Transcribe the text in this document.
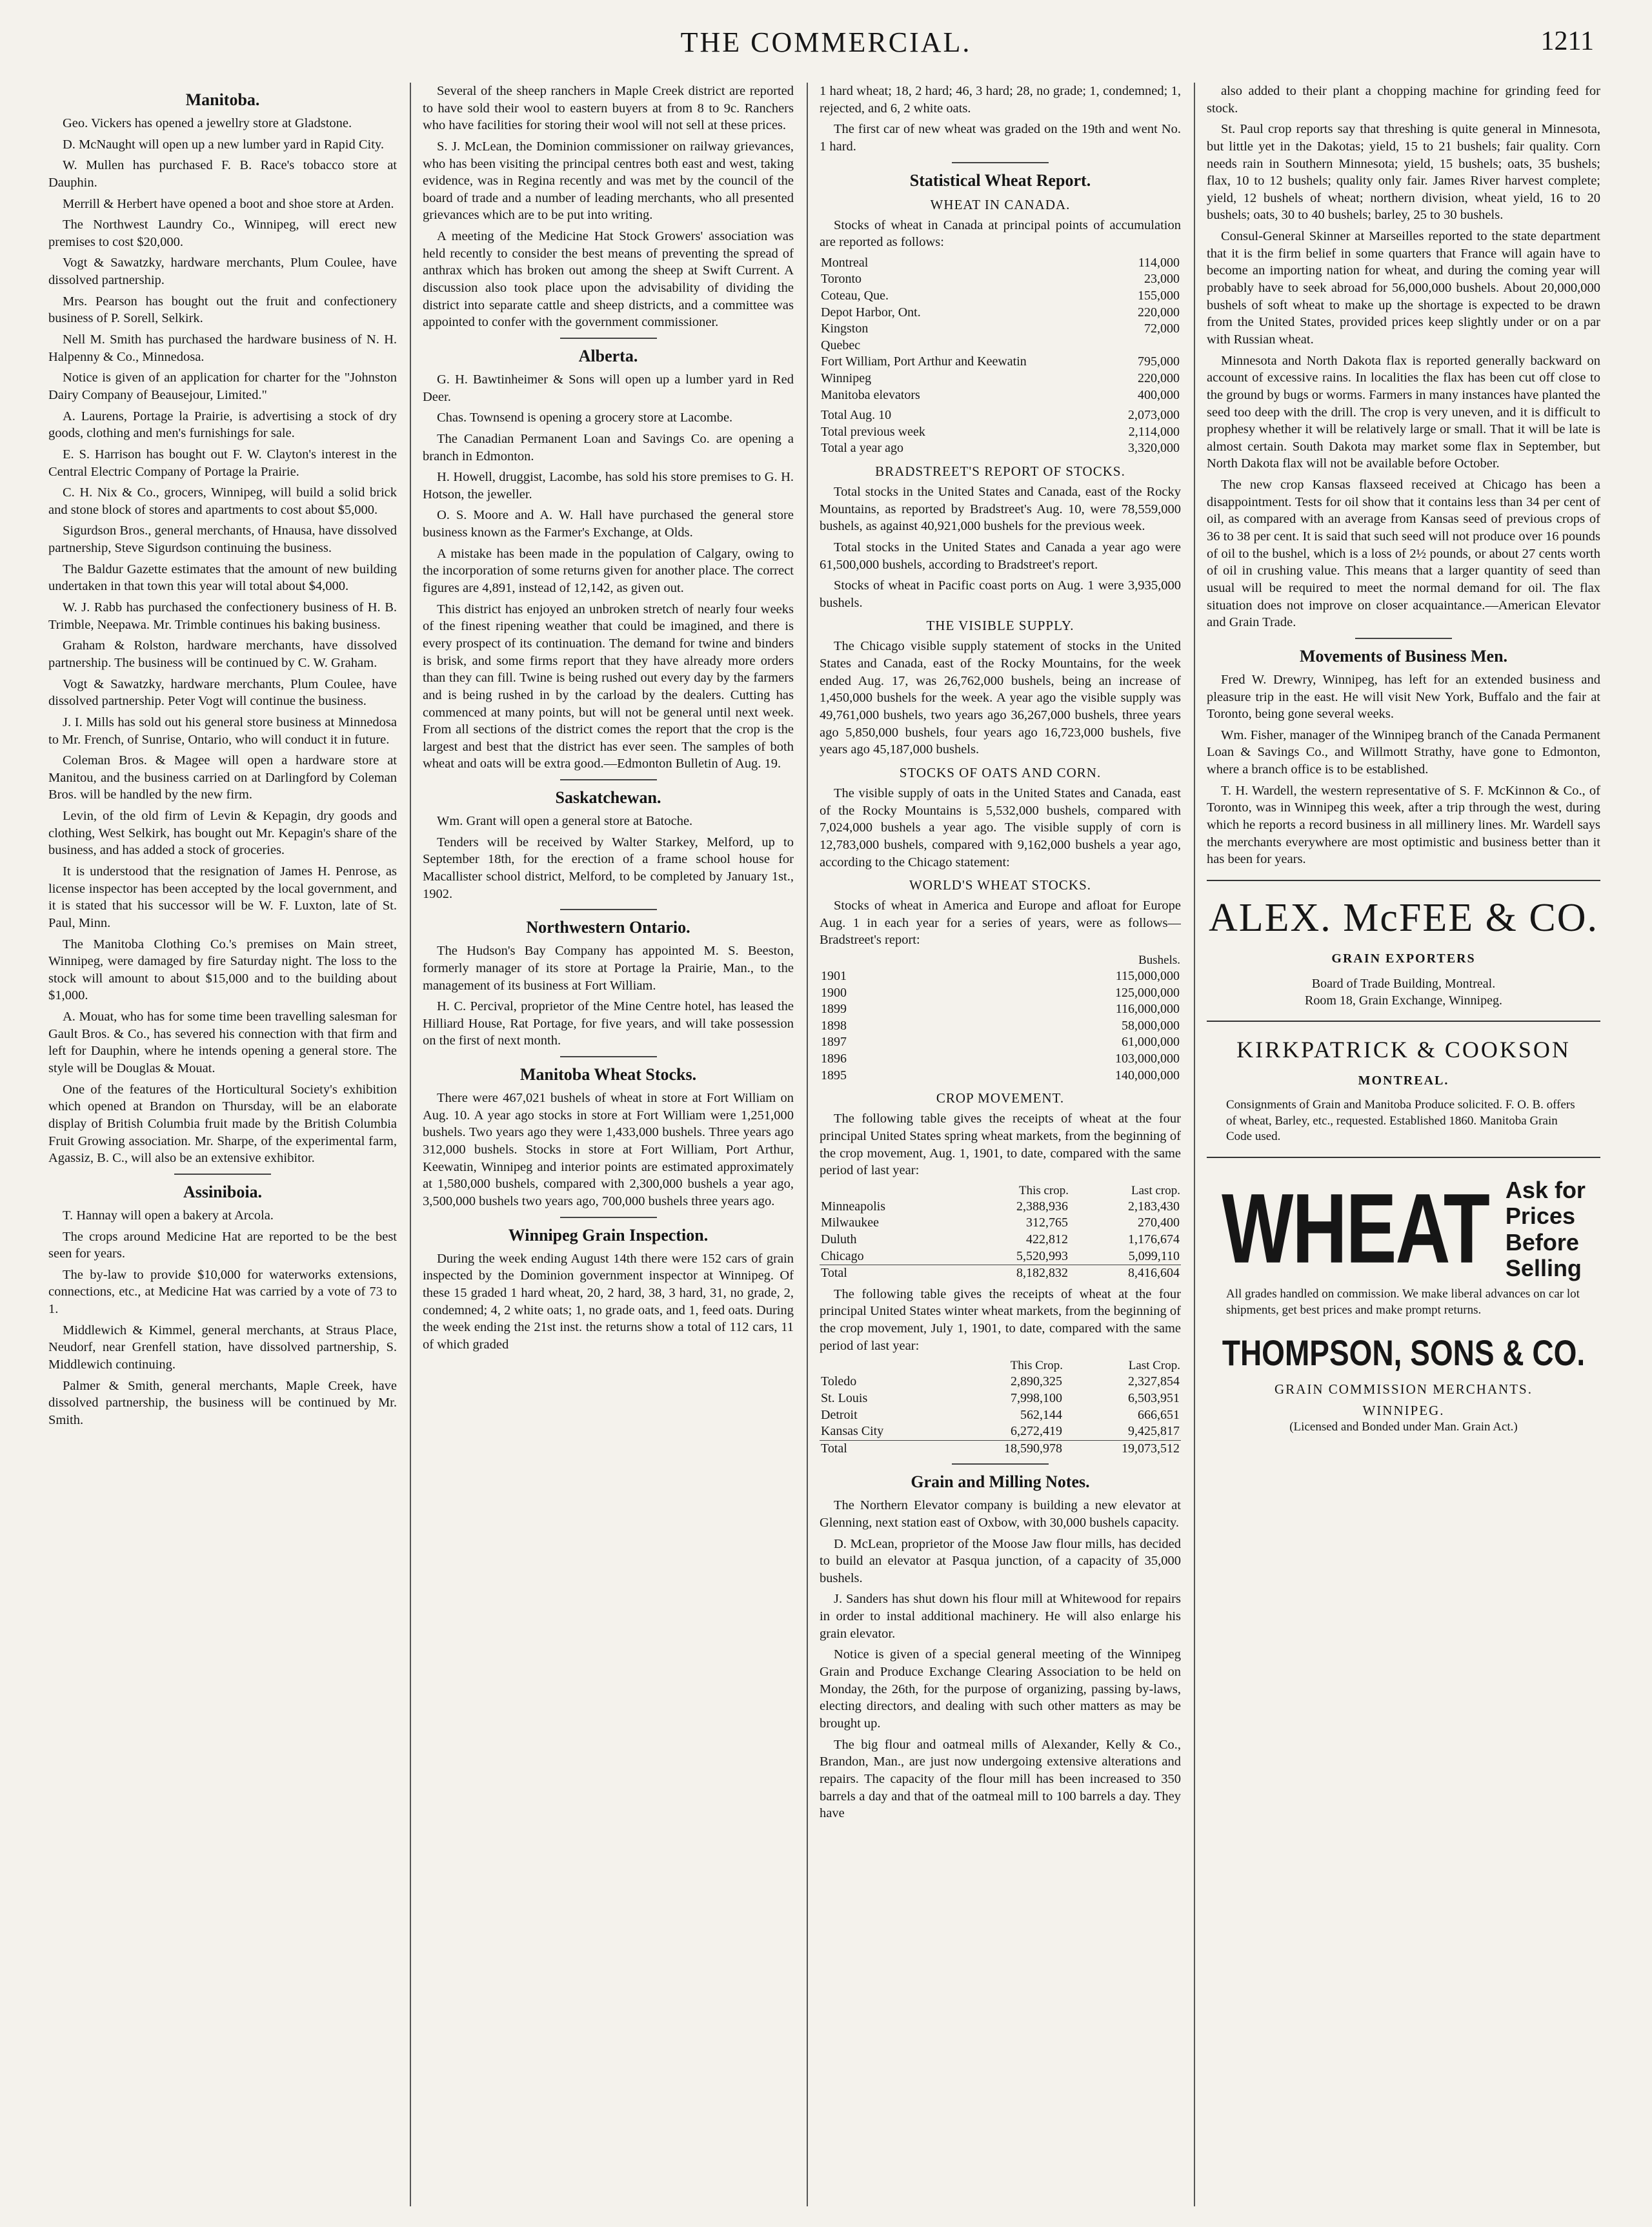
THE COMMERCIAL.	1211
Manitoba.

Geo. Vickers has opened a jewellry store at Gladstone.

D. McNaught will open up a new lumber yard in Rapid City.

W. Mullen has purchased F. B. Race's tobacco store at Dauphin.

Merrill & Herbert have opened a boot and shoe store at Arden.

The Northwest Laundry Co., Winnipeg, will erect new premises to cost $20,000.

Vogt & Sawatzky, hardware merchants, Plum Coulee, have dissolved partnership.

Mrs. Pearson has bought out the fruit and confectionery business of P. Sorell, Selkirk.

Nell M. Smith has purchased the hardware business of N. H. Halpenny & Co., Minnedosa.

Notice is given of an application for charter for the "Johnston Dairy Company of Beausejour, Limited."

A. Laurens, Portage la Prairie, is advertising a stock of dry goods, clothing and men's furnishings for sale.

E. S. Harrison has bought out F. W. Clayton's interest in the Central Electric Company of Portage la Prairie.

C. H. Nix & Co., grocers, Winnipeg, will build a solid brick and stone block of stores and apartments to cost about $5,000.

Sigurdson Bros., general merchants, of Hnausa, have dissolved partnership, Steve Sigurdson continuing the business.

The Baldur Gazette estimates that the amount of new building undertaken in that town this year will total about $4,000.

W. J. Rabb has purchased the confectionery business of H. B. Trimble, Neepawa. Mr. Trimble continues his baking business.

Graham & Rolston, hardware merchants, have dissolved partnership. The business will be continued by C. W. Graham.

Vogt & Sawatzky, hardware merchants, Plum Coulee, have dissolved partnership. Peter Vogt will continue the business.

J. I. Mills has sold out his general store business at Minnedosa to Mr. French, of Sunrise, Ontario, who will conduct it in future.

Coleman Bros. & Magee will open a hardware store at Manitou, and the business carried on at Darlingford by Coleman Bros. will be handled by the new firm.

Levin, of the old firm of Levin & Kepagin, dry goods and clothing, West Selkirk, has bought out Mr. Kepagin's share of the business, and has added a stock of groceries.

It is understood that the resignation of James H. Penrose, as license inspector has been accepted by the local government, and it is stated that his successor will be W. F. Luxton, late of St. Paul, Minn.

The Manitoba Clothing Co.'s premises on Main street, Winnipeg, were damaged by fire Saturday night. The loss to the stock will amount to about $15,000 and to the building about $1,000.

A. Mouat, who has for some time been travelling salesman for Gault Bros. & Co., has severed his connection with that firm and left for Dauphin, where he intends opening a general store. The style will be Douglas & Mouat.

One of the features of the Horticultural Society's exhibition which opened at Brandon on Thursday, will be an elaborate display of British Columbia fruit made by the British Columbia Fruit Growing association. Mr. Sharpe, of the experimental farm, Agassiz, B. C., will also be an extensive exhibitor.

Assiniboia.

T. Hannay will open a bakery at Arcola.

The crops around Medicine Hat are reported to be the best seen for years.

The by-law to provide $10,000 for waterworks extensions, connections, etc., at Medicine Hat was carried by a vote of 73 to 1.

Middlewich & Kimmel, general merchants, at Straus Place, Neudorf, near Grenfell station, have dissolved partnership, S. Middlewich continuing.

Palmer & Smith, general merchants, Maple Creek, have dissolved partnership, the business will be continued by Mr. Smith.

Several of the sheep ranchers in Maple Creek district are reported to have sold their wool to eastern buyers at from 8 to 9c. Ranchers who have facilities for storing their wool will not sell at these prices.

S. J. McLean, the Dominion commissioner on railway grievances, who has been visiting the principal centres both east and west, taking evidence, was in Regina recently and was met by the council of the board of trade and a number of leading merchants, who all presented grievances which are to be put into writing.

A meeting of the Medicine Hat Stock Growers' association was held recently to consider the best means of preventing the spread of anthrax which has broken out among the sheep at Swift Current. A discussion also took place upon the advisability of dividing the district into separate cattle and sheep districts, and a committee was appointed to confer with the government commissioner.

Alberta.

G. H. Bawtinheimer & Sons will open up a lumber yard in Red Deer.

Chas. Townsend is opening a grocery store at Lacombe.

The Canadian Permanent Loan and Savings Co. are opening a branch in Edmonton.

H. Howell, druggist, Lacombe, has sold his store premises to G. H. Hotson, the jeweller.

O. S. Moore and A. W. Hall have purchased the general store business known as the Farmer's Exchange, at Olds.

A mistake has been made in the population of Calgary, owing to the incorporation of some returns given for another place. The correct figures are 4,891, instead of 12,142, as given out.

This district has enjoyed an unbroken stretch of nearly four weeks of the finest ripening weather that could be imagined, and there is every prospect of its continuation. The demand for twine and binders is brisk, and some firms report that they have already more orders than they can fill. Twine is being rushed out every day by the farmers and is being rushed in by the carload by the dealers. Cutting has commenced at many points, but will not be general until next week. From all sections of the district comes the report that the crop is the largest and best that the district has ever seen. The samples of both wheat and oats will be extra good.—Edmonton Bulletin of Aug. 19.

Saskatchewan.

Wm. Grant will open a general store at Batoche.

Tenders will be received by Walter Starkey, Melford, up to September 18th, for the erection of a frame school house for Macallister school district, Melford, to be completed by January 1st., 1902.

Northwestern Ontario.

The Hudson's Bay Company has appointed M. S. Beeston, formerly manager of its store at Portage la Prairie, Man., to the management of its business at Fort William.

H. C. Percival, proprietor of the Mine Centre hotel, has leased the Hilliard House, Rat Portage, for five years, and will take possession on the first of next month.

Manitoba Wheat Stocks.

There were 467,021 bushels of wheat in store at Fort William on Aug. 10. A year ago stocks in store at Fort William were 1,251,000 bushels. Two years ago they were 1,433,000 bushels. Three years ago 312,000 bushels. Stocks in store at Fort William, Port Arthur, Keewatin, Winnipeg and interior points are estimated approximately at 1,580,000 bushels, compared with 2,300,000 bushels a year ago, 3,500,000 bushels two years ago, 700,000 bushels three years ago.

Winnipeg Grain Inspection.

During the week ending August 14th there were 152 cars of grain inspected by the Dominion government inspector at Winnipeg. Of these 15 graded 1 hard wheat, 20, 2 hard, 38, 3 hard, 31, no grade, 2, condemned; 4, 2 white oats; 1, no grade oats, and 1, feed oats. During the week ending the 21st inst. the returns show a total of 112 cars, 11 of which graded

1 hard wheat; 18, 2 hard; 46, 3 hard; 28, no grade; 1, condemned; 1, rejected, and 6, 2 white oats.

The first car of new wheat was graded on the 19th and went No. 1 hard.

Statistical Wheat Report.
WHEAT IN CANADA.

Stocks of wheat in Canada at principal points of accumulation are reported as follows:

Montreal	114,000
Toronto	23,000
Coteau, Que.	155,000
Depot Harbor, Ont.	220,000
Kingston	72,000
Quebec	
Fort William, Port Arthur and Keewatin	795,000
Winnipeg	220,000
Manitoba elevators	400,000
Total Aug. 10	2,073,000
Total previous week	2,114,000
Total a year ago	3,320,000
BRADSTREET'S REPORT OF STOCKS.

Total stocks in the United States and Canada, east of the Rocky Mountains, as reported by Bradstreet's Aug. 10, were 78,559,000 bushels, as against 40,921,000 bushels for the previous week.

Total stocks in the United States and Canada a year ago were 61,500,000 bushels, according to Bradstreet's report.

Stocks of wheat in Pacific coast ports on Aug. 1 were 3,935,000 bushels.

THE VISIBLE SUPPLY.

The Chicago visible supply statement of stocks in the United States and Canada, east of the Rocky Mountains, for the week ended Aug. 17, was 26,762,000 bushels, being an increase of 1,450,000 bushels for the week. A year ago the visible supply was 49,761,000 bushels, two years ago 36,267,000 bushels, three years ago 5,850,000 bushels, four years ago 16,723,000 bushels, five years ago 45,187,000 bushels.

STOCKS OF OATS AND CORN.

The visible supply of oats in the United States and Canada, east of the Rocky Mountains is 5,532,000 bushels, compared with 7,024,000 bushels a year ago. The visible supply of corn is 12,783,000 bushels, compared with 9,162,000 bushels a year ago, according to the Chicago statement:

WORLD'S WHEAT STOCKS.

Stocks of wheat in America and Europe and afloat for Europe Aug. 1 in each year for a series of years, were as follows— Bradstreet's report:

	Bushels.
1901	115,000,000
1900	125,000,000
1899	116,000,000
1898	58,000,000
1897	61,000,000
1896	103,000,000
1895	140,000,000
CROP MOVEMENT.

The following table gives the receipts of wheat at the four principal United States spring wheat markets, from the beginning of the crop movement, Aug. 1, 1901, to date, compared with the same period of last year:

	This crop.	Last crop.
Minneapolis	2,388,936	2,183,430
Milwaukee	312,765	270,400
Duluth	422,812	1,176,674
Chicago	5,520,993	5,099,110
Total	8,182,832	8,416,604

The following table gives the receipts of wheat at the four principal United States winter wheat markets, from the beginning of the crop movement, July 1, 1901, to date, compared with the same period of last year:

	This Crop.	Last Crop.
Toledo	2,890,325	2,327,854
St. Louis	7,998,100	6,503,951
Detroit	562,144	666,651
Kansas City	6,272,419	9,425,817
Total	18,590,978	19,073,512
Grain and Milling Notes.

The Northern Elevator company is building a new elevator at Glenning, next station east of Oxbow, with 30,000 bushels capacity.

D. McLean, proprietor of the Moose Jaw flour mills, has decided to build an elevator at Pasqua junction, of a capacity of 35,000 bushels.

J. Sanders has shut down his flour mill at Whitewood for repairs in order to instal additional machinery. He will also enlarge his grain elevator.

Notice is given of a special general meeting of the Winnipeg Grain and Produce Exchange Clearing Association to be held on Monday, the 26th, for the purpose of organizing, passing by-laws, electing directors, and dealing with such other matters as may be brought up.

The big flour and oatmeal mills of Alexander, Kelly & Co., Brandon, Man., are just now undergoing extensive alterations and repairs. The capacity of the flour mill has been increased to 350 barrels a day and that of the oatmeal mill to 100 barrels a day. They have

also added to their plant a chopping machine for grinding feed for stock.

St. Paul crop reports say that threshing is quite general in Minnesota, but little yet in the Dakotas; yield, 15 to 21 bushels; fair quality. Corn needs rain in Southern Minnesota; yield, 15 bushels; oats, 35 bushels; flax, 10 to 12 bushels; quality only fair. James River harvest complete; yield, 12 bushels of wheat; northern division, wheat yield, 16 to 20 bushels; oats, 30 to 40 bushels; barley, 25 to 30 bushels.

Consul-General Skinner at Marseilles reported to the state department that it is the firm belief in some quarters that France will again have to become an importing nation for wheat, and during the coming year will probably have to seek abroad for 56,000,000 bushels. About 20,000,000 bushels of soft wheat to make up the shortage is expected to be drawn from the United States, provided prices keep slightly under or on a par with Russian wheat.

Minnesota and North Dakota flax is reported generally backward on account of excessive rains. In localities the flax has been cut off close to the ground by bugs or worms. Farmers in many instances have planted the seed too deep with the drill. The crop is very uneven, and it is difficult to prophesy whether it will be relatively large or small. That it will be late is almost certain. South Dakota may market some flax in September, but North Dakota flax will not be available before October.

The new crop Kansas flaxseed received at Chicago has been a disappointment. Tests for oil show that it contains less than 34 per cent of oil, as compared with an average from Kansas seed of previous crops of 36 to 38 per cent. It is said that such seed will not produce over 16 pounds of oil to the bushel, which is a loss of 2½ pounds, or about 27 cents worth of oil in crushing value. This means that a larger quantity of seed than usual will be required to meet the normal demand for oil. The flax situation does not improve on closer acquaintance.—American Elevator and Grain Trade.

Movements of Business Men.

Fred W. Drewry, Winnipeg, has left for an extended business and pleasure trip in the east. He will visit New York, Buffalo and the fair at Toronto, being gone several weeks.

Wm. Fisher, manager of the Winnipeg branch of the Canada Permanent Loan & Savings Co., and Willmott Strathy, have gone to Edmonton, where a branch office is to be established.

T. H. Wardell, the western representative of S. F. McKinnon & Co., of Toronto, was in Winnipeg this week, after a trip through the west, during which he reports a record business in all millinery lines. Mr. Wardell says the merchants everywhere are most optimistic and business better than it has been for years.

ALEX. McFEE & CO.
GRAIN EXPORTERS
Board of Trade Building, Montreal.
Room 18, Grain Exchange, Winnipeg.
KIRKPATRICK & COOKSON
MONTREAL.
Consignments of Grain and Manitoba Produce solicited. F. O. B. offers of wheat, Barley, etc., requested. Established 1860. Manitoba Grain Code used.
WHEAT Ask for
Prices
Before
Selling
All grades handled on commission. We make liberal advances on car lot shipments, get best prices and make prompt returns.
THOMPSON, SONS & CO.
GRAIN COMMISSION MERCHANTS.
WINNIPEG.
(Licensed and Bonded under Man. Grain Act.)
